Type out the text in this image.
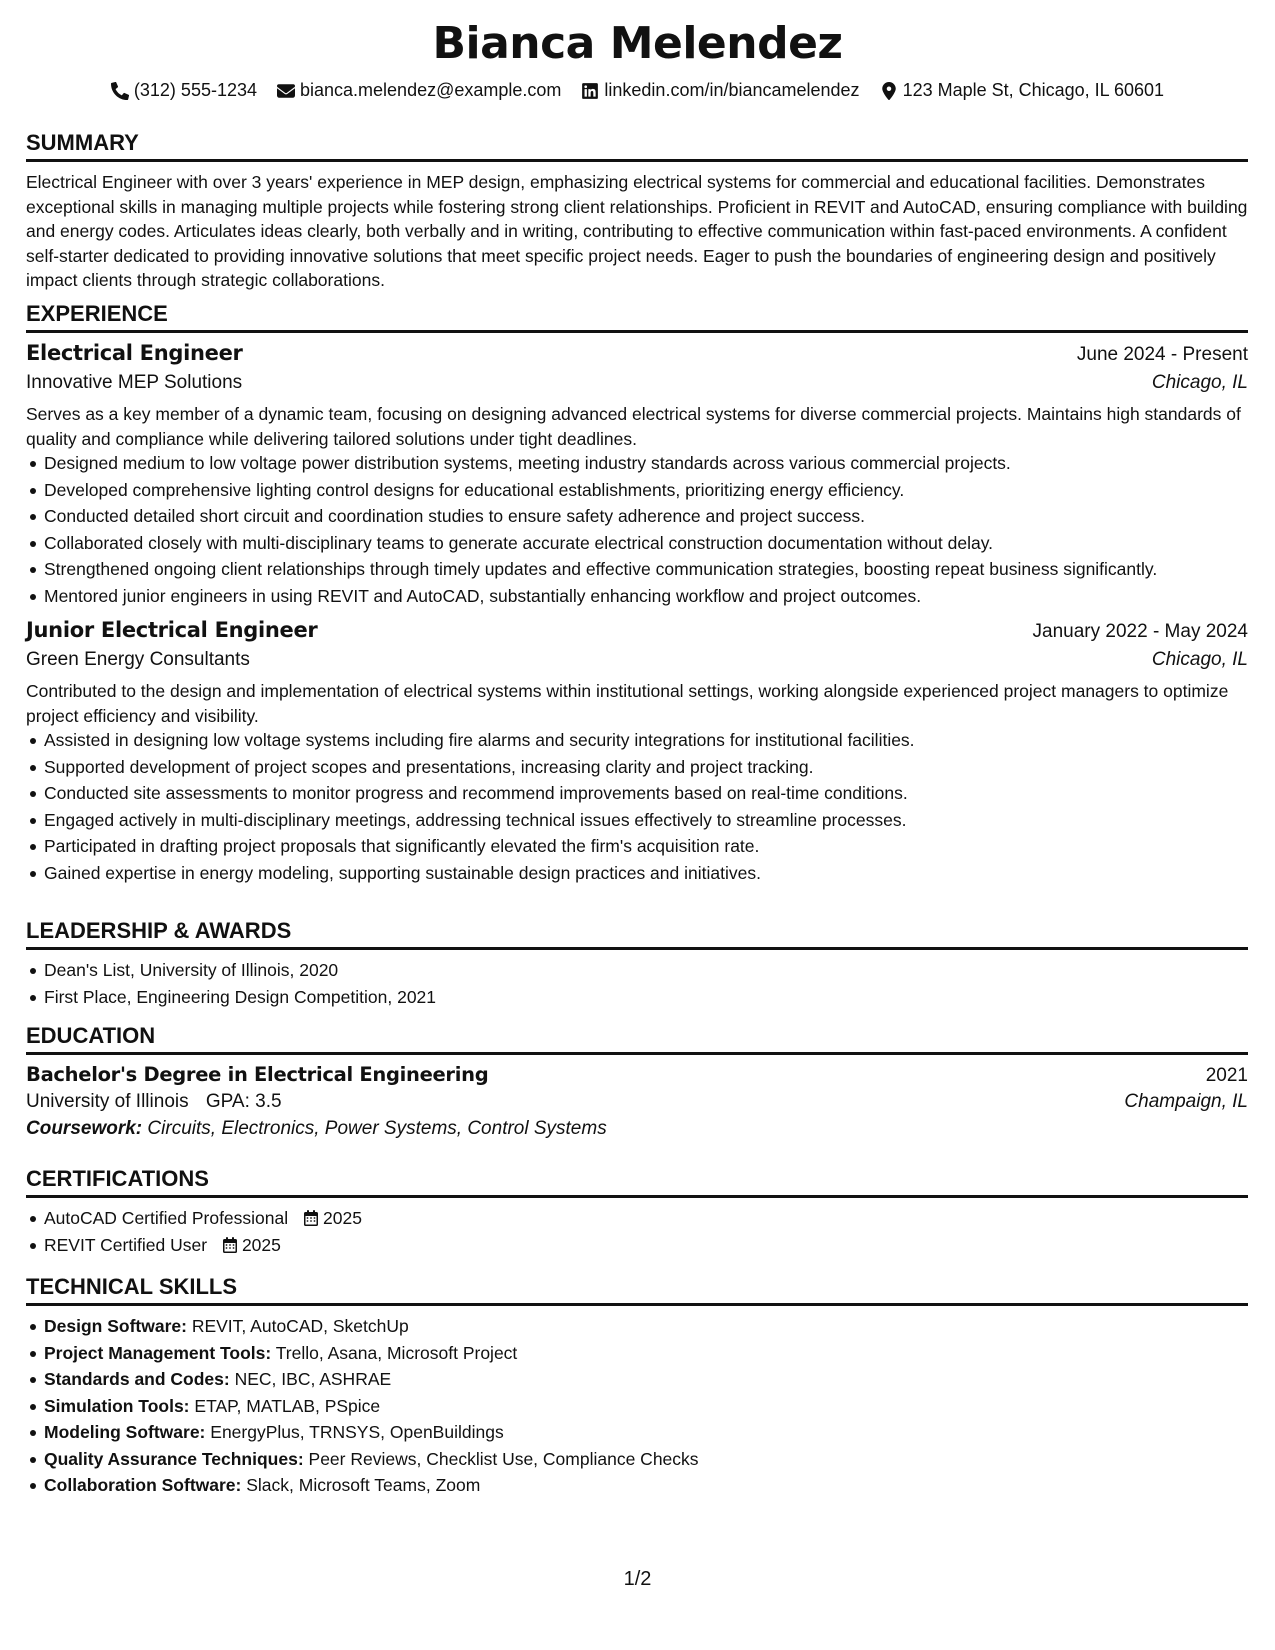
Bianca Melendez
(312) 555-1234 bianca.melendez@example.com linkedin.com/in/biancamelendez 123 Maple St, Chicago, IL 60601
SUMMARY
Electrical Engineer with over 3 years' experience in MEP design, emphasizing electrical systems for commercial and educational facilities. Demonstrates exceptional skills in managing multiple projects while fostering strong client relationships. Proficient in REVIT and AutoCAD, ensuring compliance with building and energy codes. Articulates ideas clearly, both verbally and in writing, contributing to effective communication within fast-paced environments. A confident self-starter dedicated to providing innovative solutions that meet specific project needs. Eager to push the boundaries of engineering design and positively impact clients through strategic collaborations.
EXPERIENCE
Electrical Engineer	June 2024 - Present
Innovative MEP Solutions	Chicago, IL
Serves as a key member of a dynamic team, focusing on designing advanced electrical systems for diverse commercial projects. Maintains high standards of quality and compliance while delivering tailored solutions under tight deadlines.
Designed medium to low voltage power distribution systems, meeting industry standards across various commercial projects.
Developed comprehensive lighting control designs for educational establishments, prioritizing energy efficiency.
Conducted detailed short circuit and coordination studies to ensure safety adherence and project success.
Collaborated closely with multi-disciplinary teams to generate accurate electrical construction documentation without delay.
Strengthened ongoing client relationships through timely updates and effective communication strategies, boosting repeat business significantly.
Mentored junior engineers in using REVIT and AutoCAD, substantially enhancing workflow and project outcomes.
Junior Electrical Engineer	January 2022 - May 2024
Green Energy Consultants	Chicago, IL
Contributed to the design and implementation of electrical systems within institutional settings, working alongside experienced project managers to optimize project efficiency and visibility.
Assisted in designing low voltage systems including fire alarms and security integrations for institutional facilities.
Supported development of project scopes and presentations, increasing clarity and project tracking.
Conducted site assessments to monitor progress and recommend improvements based on real-time conditions.
Engaged actively in multi-disciplinary meetings, addressing technical issues effectively to streamline processes.
Participated in drafting project proposals that significantly elevated the firm's acquisition rate.
Gained expertise in energy modeling, supporting sustainable design practices and initiatives.
LEADERSHIP & AWARDS
Dean's List, University of Illinois, 2020
First Place, Engineering Design Competition, 2021
EDUCATION
Bachelor's Degree in Electrical Engineering	2021
University of Illinois GPA: 3.5	Champaign, IL
Coursework: Circuits, Electronics, Power Systems, Control Systems
CERTIFICATIONS
AutoCAD Certified Professional 2025
REVIT Certified User 2025
TECHNICAL SKILLS
Design Software: REVIT, AutoCAD, SketchUp
Project Management Tools: Trello, Asana, Microsoft Project
Standards and Codes: NEC, IBC, ASHRAE
Simulation Tools: ETAP, MATLAB, PSpice
Modeling Software: EnergyPlus, TRNSYS, OpenBuildings
Quality Assurance Techniques: Peer Reviews, Checklist Use, Compliance Checks
Collaboration Software: Slack, Microsoft Teams, Zoom
1/2
